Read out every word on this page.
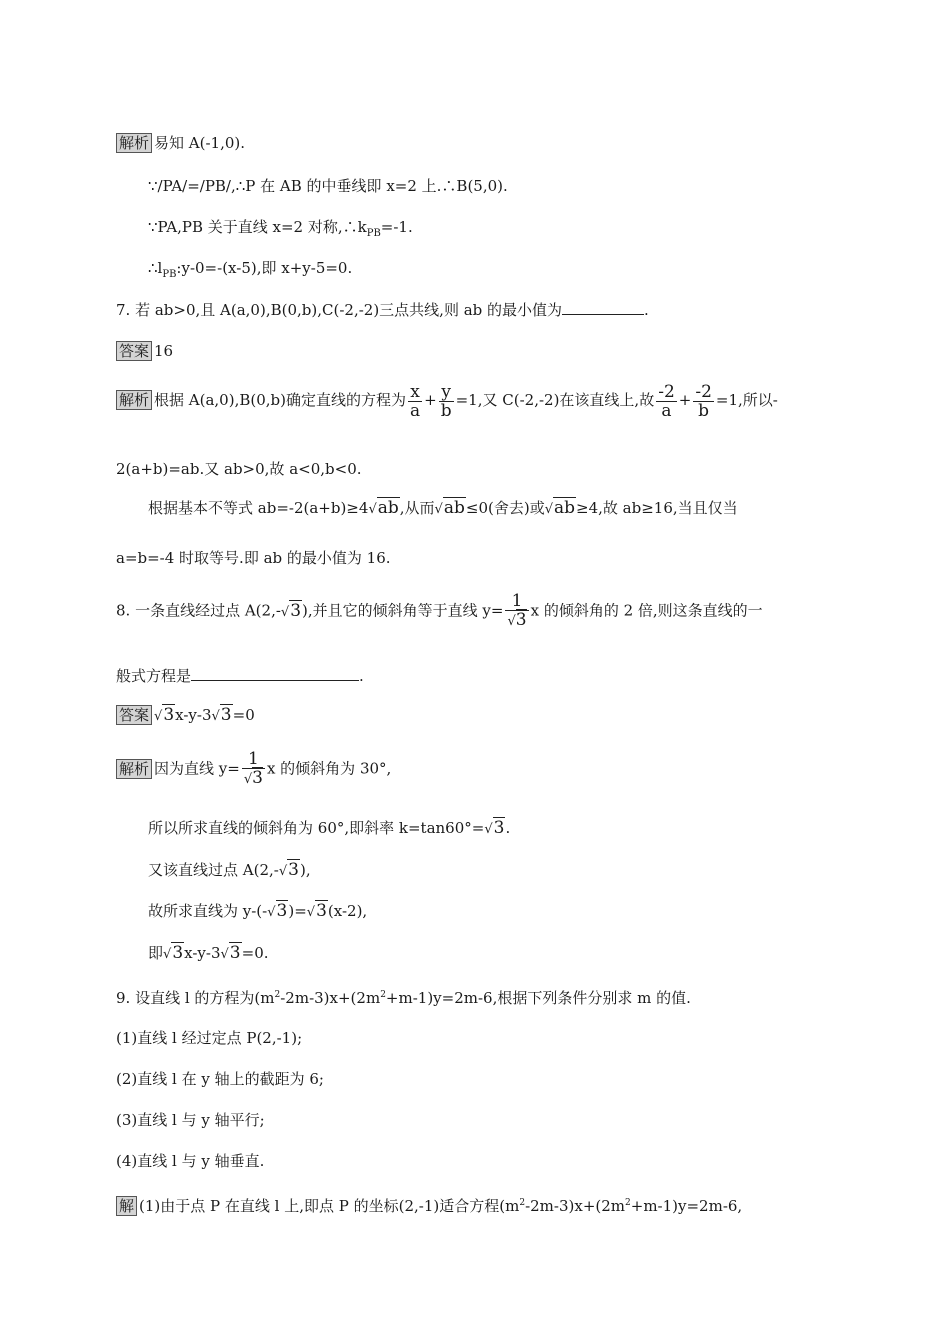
解析 易知 A(-1,0).
∵/PA/=/PB/,∴P 在 AB 的中垂线即 x=2 上.∴B(5,0).
∵PA,PB 关于直线 x=2 对称$,\therefore k_{PB}=-1$.
$\therefore l_{PB}:y-0=-(x-5)$,即 x+y-5=0.
7. 若 ab>0,且 A(a,0),B(0,b),C(-2,-2)三点共线,则 ab 的最小值为	.
答案 16
解析 根据 A(a,0),B(0,b)确定直线的方程为 $\frac{x}{a} + \frac{y}{b} =1$,又 C(-2,-2)在该直线上,故 $\frac{-2}{a} + \frac{-2}{b} =1$,所以-
2(a+b)=ab.又 ab>0,故 a<0,b<0.
根据基本不等式 ab=-2(a+b)≥4√ab,从而√ab≤0(舍去)或√ab≥4,故 ab≥16,当且仅当
a=b=-4 时取等号.即 ab 的最小值为 16.
8. 一条直线经过点 A(2,-√3),并且它的倾斜角等于直线 $y= \frac{1}{√3}$ x 的倾斜角的 2 倍,则这条直线的一
般式方程是	.
答案 √3x-y-3√3=0
解析 因为直线 $y= \frac{1}{√3}$ x 的倾斜角为 30°,
所以所求直线的倾斜角为 60°,即斜率 k=tan60°=√3.
又该直线过点 A(2,-√3),
故所求直线为 y-(-√3)=√3(x-2),
即√3x-y-3√3=0.
9. 设直线 l 的方程为$(m^2-2m-3)x+(2m^2+m-1)y=2m-6$,根据下列条件分别求 m 的值.
(1)直线 l 经过定点 P(2,-1);
(2)直线 l 在 y 轴上的截距为 6;
(3)直线 l 与 y 轴平行;
(4)直线 l 与 y 轴垂直.
解 (1)由于点 P 在直线 l 上,即点 P 的坐标(2,-1)适合方程$(m^2-2m-3)x+(2m^2+m-1)y=2m-6$,
